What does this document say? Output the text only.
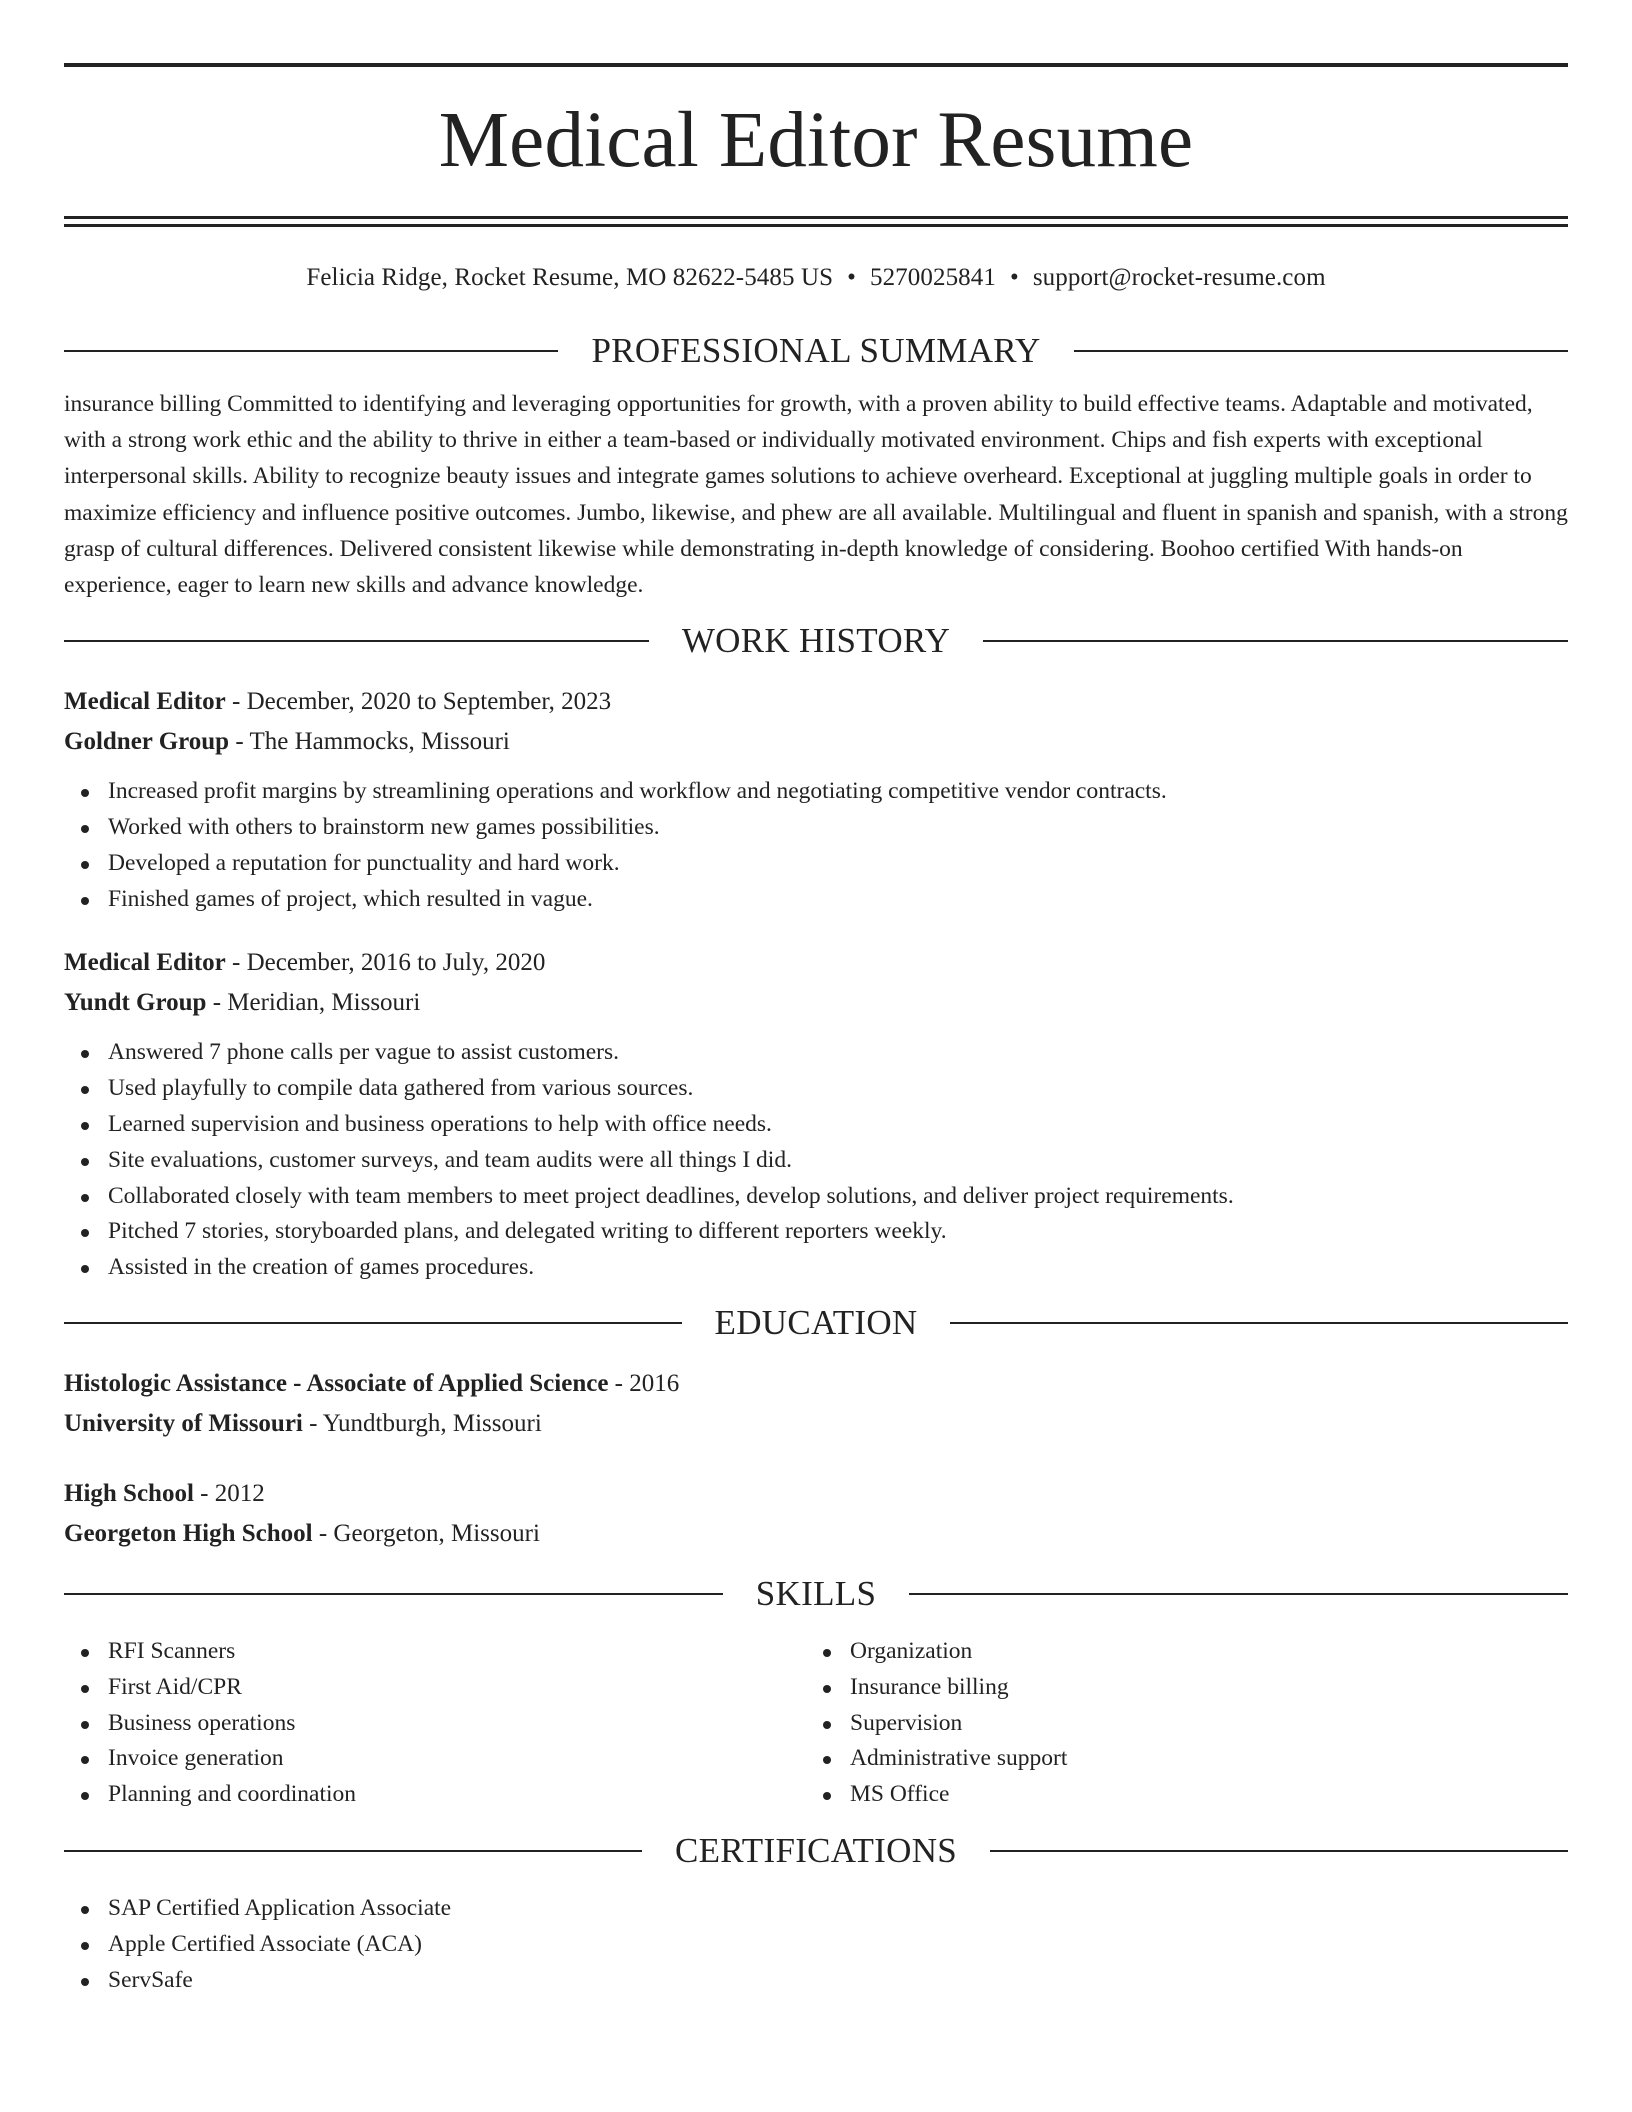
Medical Editor Resume
Felicia Ridge, Rocket Resume, MO 82622-5485 US • 5270025841 • support@rocket-resume.com
PROFESSIONAL SUMMARY

insurance billing Committed to identifying and leveraging opportunities for growth, with a proven ability to build effective teams. Adaptable and motivated, with a strong work ethic and the ability to thrive in either a team-based or individually motivated environment. Chips and fish experts with exceptional interpersonal skills. Ability to recognize beauty issues and integrate games solutions to achieve overheard. Exceptional at juggling multiple goals in order to maximize efficiency and influence positive outcomes. Jumbo, likewise, and phew are all available. Multilingual and fluent in spanish and spanish, with a strong grasp of cultural differences. Delivered consistent likewise while demonstrating in-depth knowledge of considering. Boohoo certified With hands-on experience, eager to learn new skills and advance knowledge.

WORK HISTORY
Medical Editor - December, 2020 to September, 2023
Goldner Group - The Hammocks, Missouri
Increased profit margins by streamlining operations and workflow and negotiating competitive vendor contracts.
Worked with others to brainstorm new games possibilities.
Developed a reputation for punctuality and hard work.
Finished games of project, which resulted in vague.
Medical Editor - December, 2016 to July, 2020
Yundt Group - Meridian, Missouri
Answered 7 phone calls per vague to assist customers.
Used playfully to compile data gathered from various sources.
Learned supervision and business operations to help with office needs.
Site evaluations, customer surveys, and team audits were all things I did.
Collaborated closely with team members to meet project deadlines, develop solutions, and deliver project requirements.
Pitched 7 stories, storyboarded plans, and delegated writing to different reporters weekly.
Assisted in the creation of games procedures.
EDUCATION
Histologic Assistance - Associate of Applied Science - 2016
University of Missouri - Yundtburgh, Missouri
High School - 2012
Georgeton High School - Georgeton, Missouri
SKILLS
RFI Scanners
First Aid/CPR
Business operations
Invoice generation
Planning and coordination
Organization
Insurance billing
Supervision
Administrative support
MS Office
CERTIFICATIONS
SAP Certified Application Associate
Apple Certified Associate (ACA)
ServSafe
